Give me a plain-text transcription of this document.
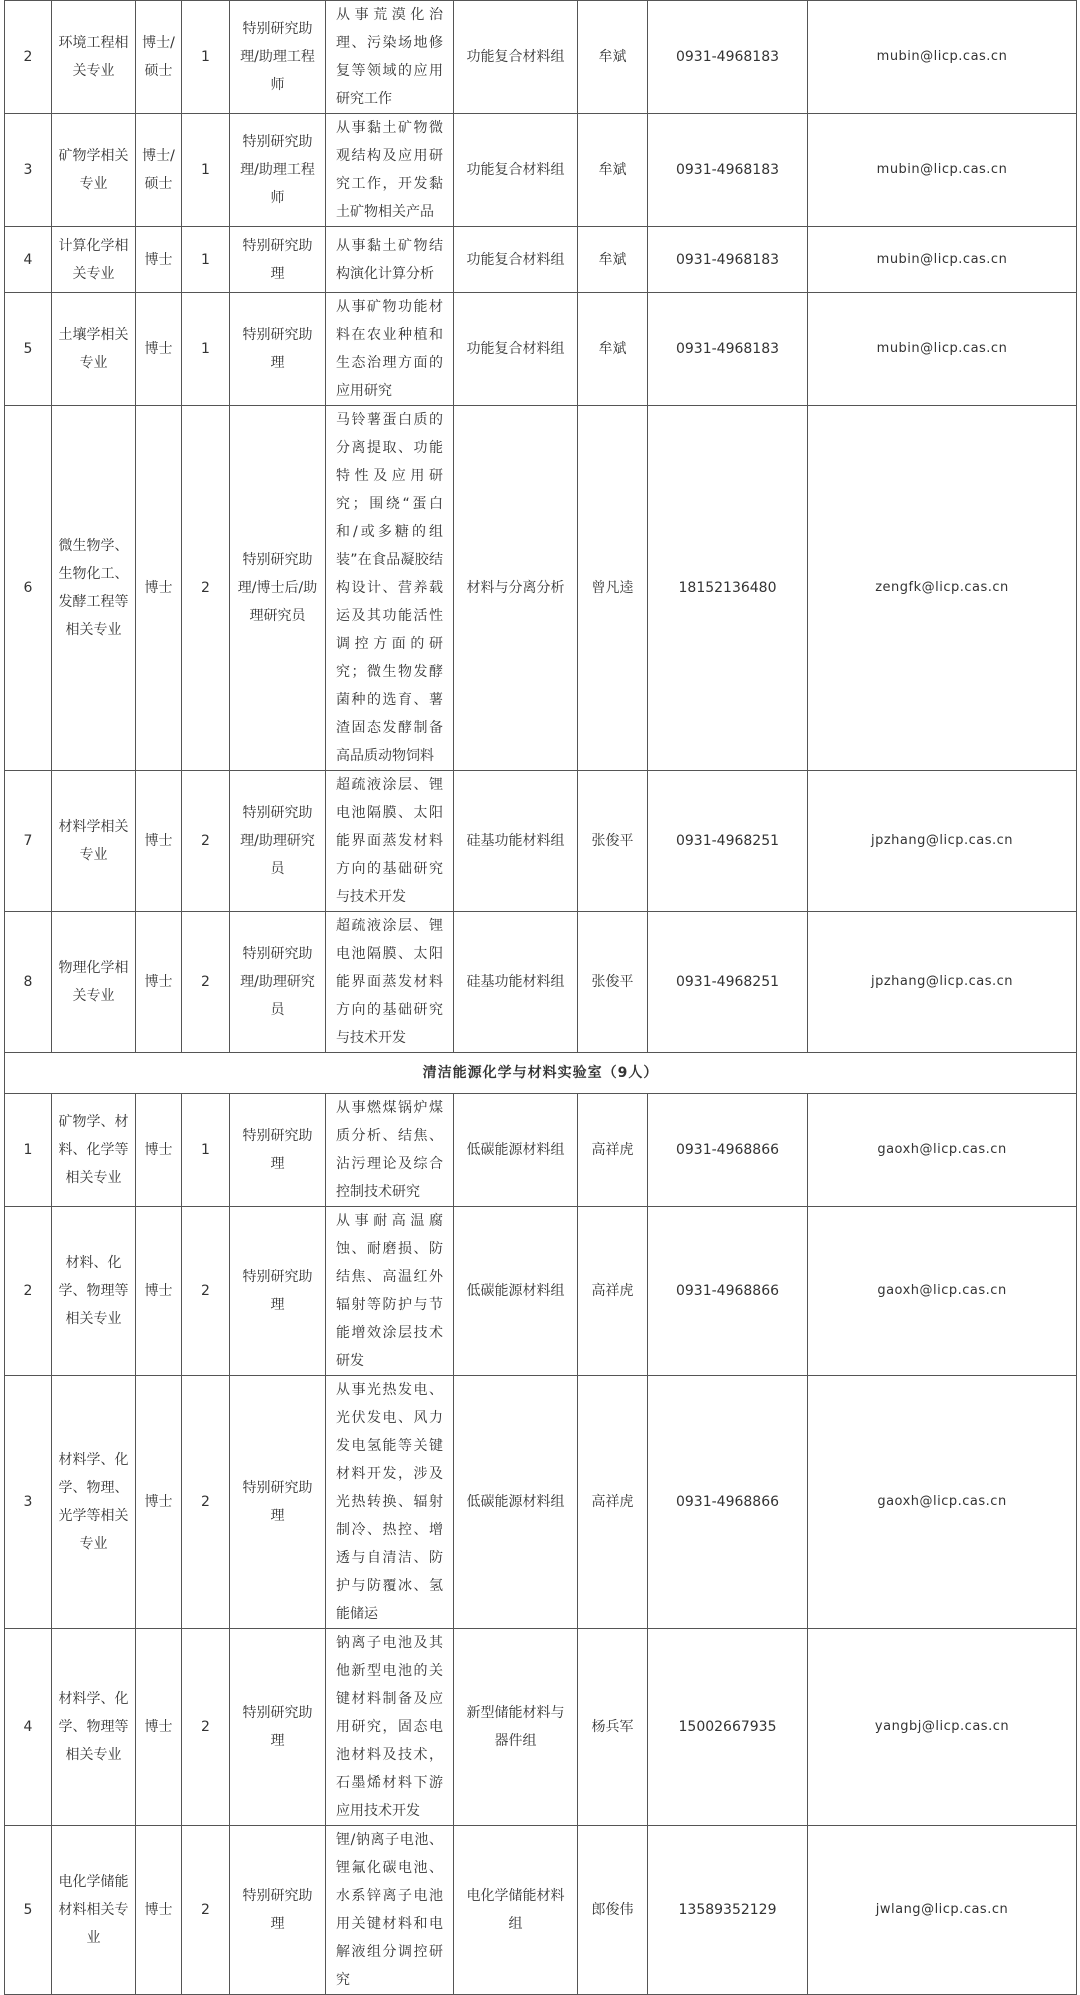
2	环境工程相关专业	博士/硕士	1	特别研究助理/助理工程师	从事荒漠化治理、污染场地修复等领域的应用研究工作	功能复合材料组	牟斌	0931-4968183	mubin@licp.cas.cn
3	矿物学相关专业	博士/硕士	1	特别研究助理/助理工程师	从事黏土矿物微观结构及应用研究工作，开发黏土矿物相关产品	功能复合材料组	牟斌	0931-4968183	mubin@licp.cas.cn
4	计算化学相关专业	博士	1	特别研究助理	从事黏土矿物结构演化计算分析	功能复合材料组	牟斌	0931-4968183	mubin@licp.cas.cn
5	土壤学相关专业	博士	1	特别研究助理	从事矿物功能材料在农业种植和生态治理方面的应用研究	功能复合材料组	牟斌	0931-4968183	mubin@licp.cas.cn
6	微生物学、生物化工、发酵工程等相关专业	博士	2	特别研究助理/博士后/助理研究员	马铃薯蛋白质的分离提取、功能特性及应用研究；围绕“蛋白和/或多糖的组装”在食品凝胶结构设计、营养载运及其功能活性调控方面的研究；微生物发酵菌种的选育、薯渣固态发酵制备高品质动物饲料	材料与分离分析	曾凡逵	18152136480	zengfk@licp.cas.cn
7	材料学相关专业	博士	2	特别研究助理/助理研究员	超疏液涂层、锂电池隔膜、太阳能界面蒸发材料方向的基础研究与技术开发	硅基功能材料组	张俊平	0931-4968251	jpzhang@licp.cas.cn
8	物理化学相关专业	博士	2	特别研究助理/助理研究员	超疏液涂层、锂电池隔膜、太阳能界面蒸发材料方向的基础研究与技术开发	硅基功能材料组	张俊平	0931-4968251	jpzhang@licp.cas.cn
清洁能源化学与材料实验室（9人）									
1	矿物学、材料、化学等相关专业	博士	1	特别研究助理	从事燃煤锅炉煤质分析、结焦、沾污理论及综合控制技术研究	低碳能源材料组	高祥虎	0931-4968866	gaoxh@licp.cas.cn
2	材料、化学、物理等相关专业	博士	2	特别研究助理	从事耐高温腐蚀、耐磨损、防结焦、高温红外辐射等防护与节能增效涂层技术研发	低碳能源材料组	高祥虎	0931-4968866	gaoxh@licp.cas.cn
3	材料学、化学、物理、光学等相关专业	博士	2	特别研究助理	从事光热发电、光伏发电、风力发电氢能等关键材料开发，涉及光热转换、辐射制冷、热控、增透与自清洁、防护与防覆冰、氢能储运	低碳能源材料组	高祥虎	0931-4968866	gaoxh@licp.cas.cn
4	材料学、化学、物理等相关专业	博士	2	特别研究助理	钠离子电池及其他新型电池的关键材料制备及应用研究，固态电池材料及技术，石墨烯材料下游应用技术开发	新型储能材料与器件组	杨兵军	15002667935	yangbj@licp.cas.cn
5	电化学储能材料相关专业	博士	2	特别研究助理	锂/钠离子电池、锂氟化碳电池、水系锌离子电池用关键材料和电解液组分调控研究	电化学储能材料组	郎俊伟	13589352129	jwlang@licp.cas.cn
